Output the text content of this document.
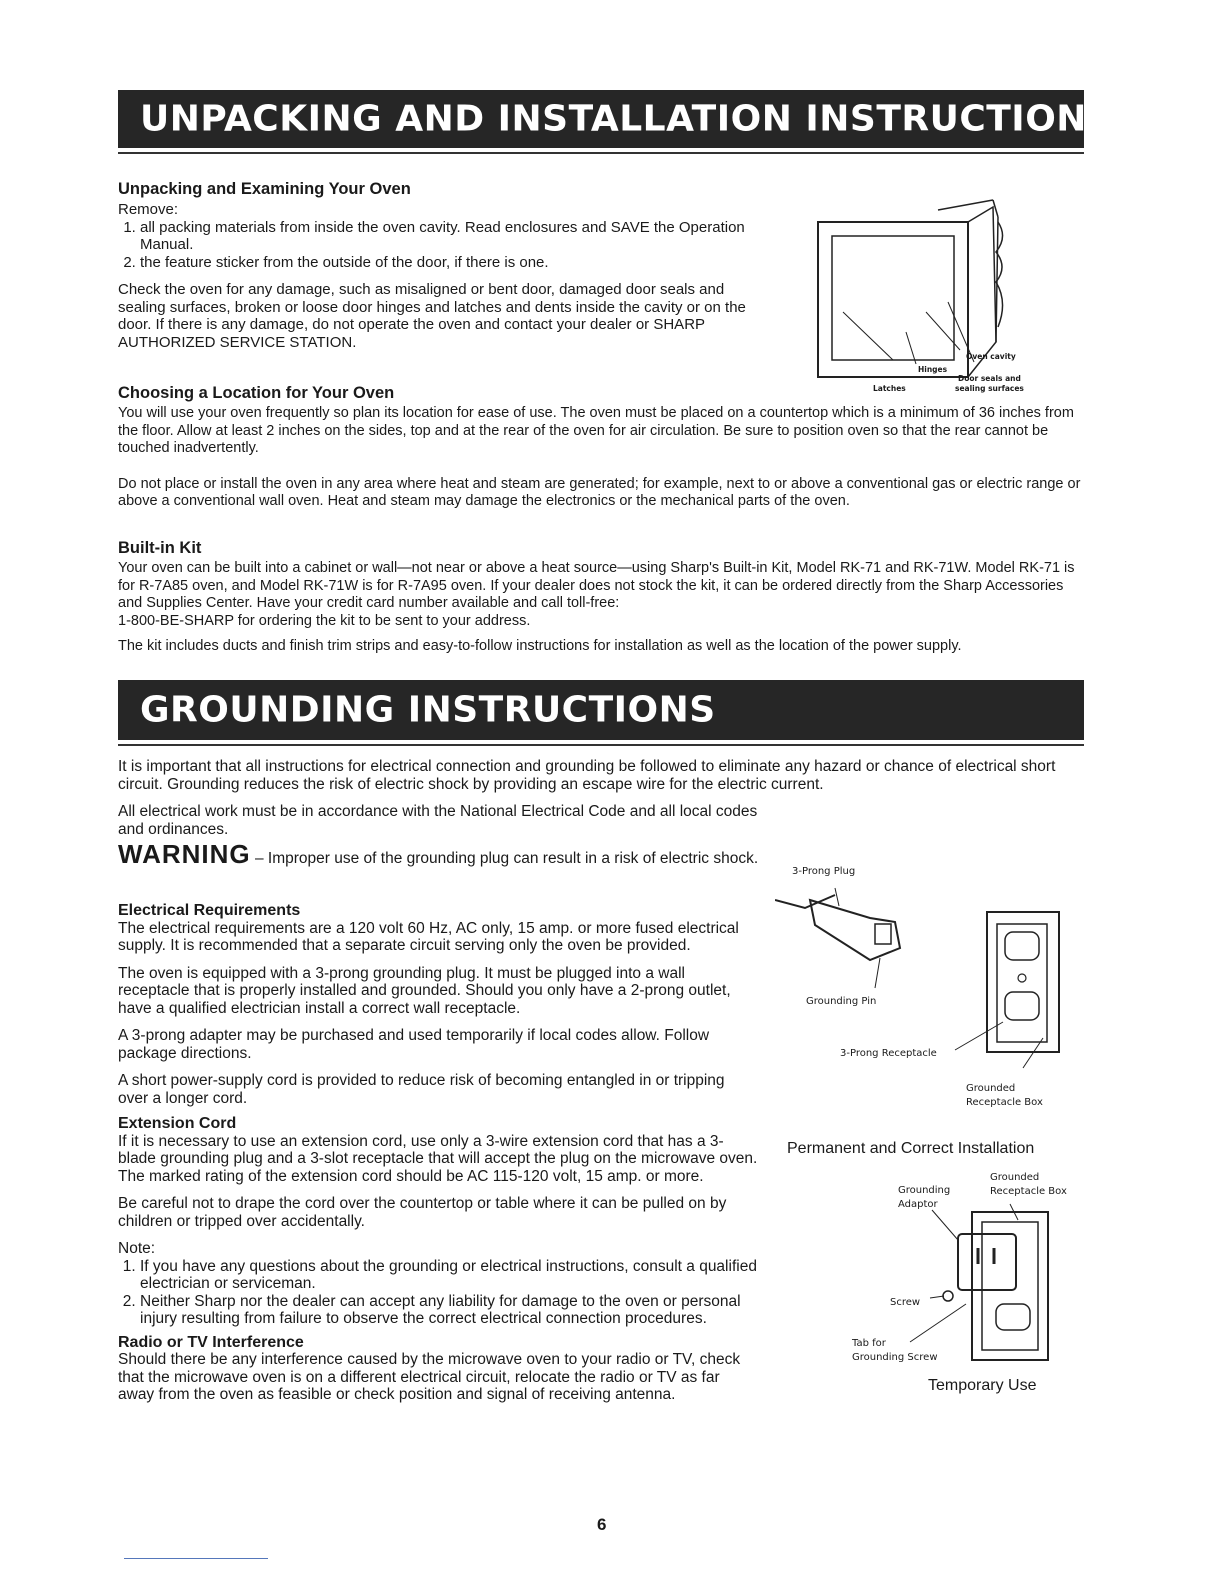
UNPACKING AND INSTALLATION INSTRUCTIONS
Unpacking and Examining Your Oven

Remove:

1. all packing materials from inside the oven cavity. Read enclosures and SAVE the Operation Manual.
2. the feature sticker from the outside of the door, if there is one.

Check the oven for any damage, such as misaligned or bent door, damaged door seals and sealing surfaces, broken or loose door hinges and latches and dents inside the cavity or on the door. If there is any damage, do not operate the oven and contact your dealer or SHARP AUTHORIZED SERVICE STATION.

Oven cavity
Hinges
Door seals and
sealing surfaces
Latches
Choosing a Location for Your Oven

You will use your oven frequently so plan its location for ease of use. The oven must be placed on a countertop which is a minimum of 36 inches from the floor. Allow at least 2 inches on the sides, top and at the rear of the oven for air circulation. Be sure to position oven so that the rear cannot be touched inadvertently.

Do not place or install the oven in any area where heat and steam are generated; for example, next to or above a conventional gas or electric range or above a conventional wall oven. Heat and steam may damage the electronics or the mechanical parts of the oven.

Built-in Kit

Your oven can be built into a cabinet or wall—not near or above a heat source—using Sharp's Built-in Kit, Model RK-71 and RK-71W. Model RK-71 is for R-7A85 oven, and Model RK-71W is for R-7A95 oven. If your dealer does not stock the kit, it can be ordered directly from the Sharp Accessories and Supplies Center. Have your credit card number available and call toll-free:

1-800-BE-SHARP for ordering the kit to be sent to your address.

The kit includes ducts and finish trim strips and easy-to-follow instructions for installation as well as the location of the power supply.

GROUNDING INSTRUCTIONS
It is important that all instructions for electrical connection and grounding be followed to eliminate any hazard or chance of electrical short circuit. Grounding reduces the risk of electric shock by providing an escape wire for the electric current.
All electrical work must be in accordance with the National Electrical Code and all local codes and ordinances.
WARNING – Improper use of the grounding plug can result in a risk of electric shock.

Electrical Requirements

The electrical requirements are a 120 volt 60 Hz, AC only, 15 amp. or more fused electrical supply. It is recommended that a separate circuit serving only the oven be provided.

The oven is equipped with a 3-prong grounding plug. It must be plugged into a wall receptacle that is properly installed and grounded. Should you only have a 2-prong outlet, have a qualified electrician install a correct wall receptacle.

A 3-prong adapter may be purchased and used temporarily if local codes allow. Follow package directions.

A short power-supply cord is provided to reduce risk of becoming entangled in or tripping over a longer cord.

Extension Cord

If it is necessary to use an extension cord, use only a 3-wire extension cord that has a 3-blade grounding plug and a 3-slot receptacle that will accept the plug on the microwave oven. The marked rating of the extension cord should be AC 115-120 volt, 15 amp. or more.

Be careful not to drape the cord over the countertop or table where it can be pulled on by children or tripped over accidentally.

Note:

1. If you have any questions about the grounding or electrical instructions, consult a qualified electrician or serviceman.
2. Neither Sharp nor the dealer can accept any liability for damage to the oven or personal injury resulting from failure to observe the correct electrical connection procedures.

Radio or TV Interference

Should there be any interference caused by the microwave oven to your radio or TV, check that the microwave oven is on a different electrical circuit, relocate the radio or TV as far away from the oven as feasible or check position and signal of receiving antenna.

3-Prong Plug
Grounding Pin
3-Prong Receptacle
Grounded
Receptacle Box
Permanent and Correct Installation
Grounded
Receptacle Box
Grounding
Adaptor
Screw
Tab for
Grounding Screw
Temporary Use
6
